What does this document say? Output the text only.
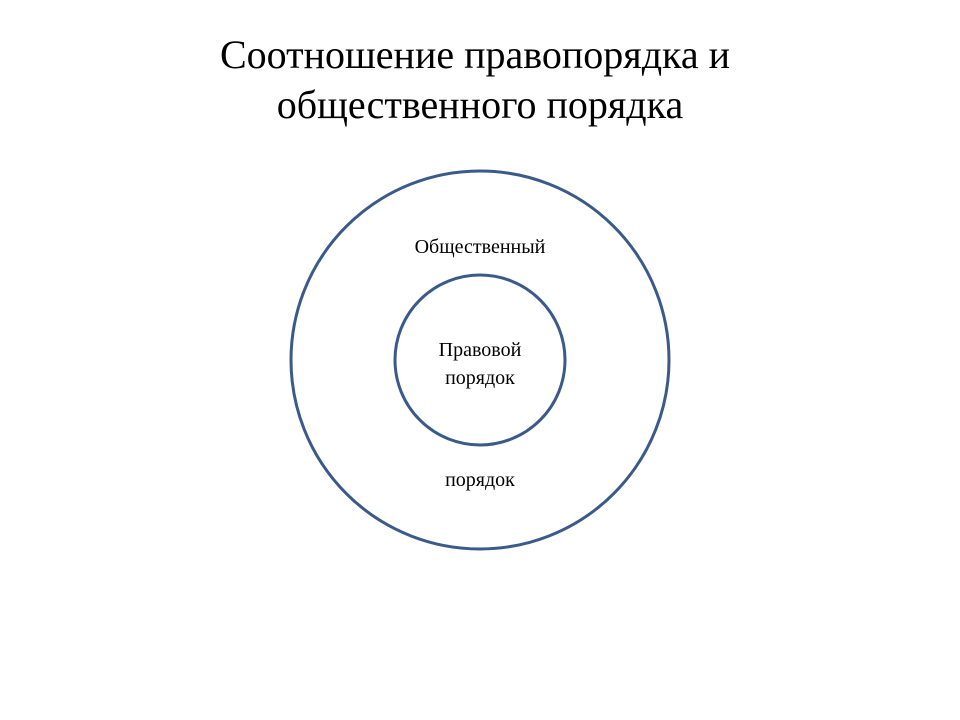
Соотношение правопорядка и
общественного порядка
Общественный
Правовой
порядок
порядок
